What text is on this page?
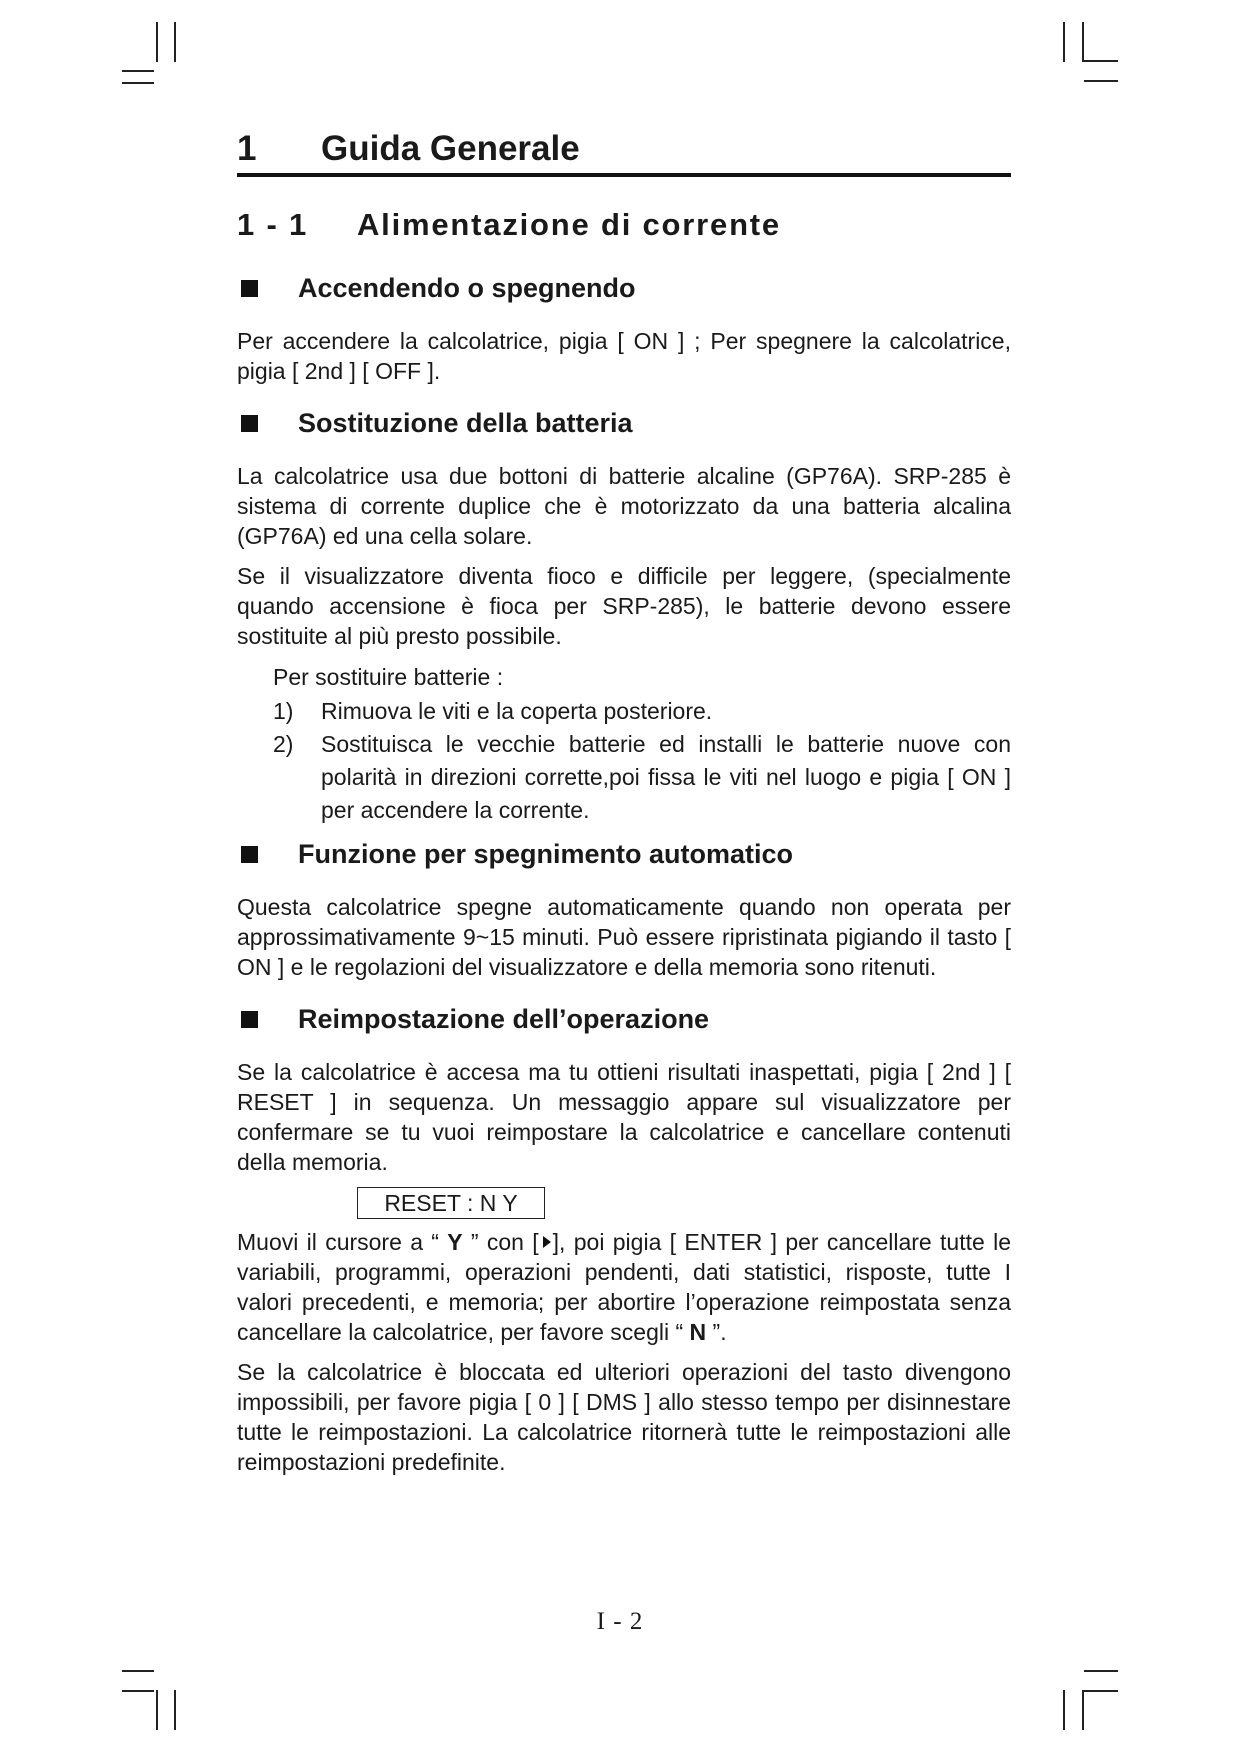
1	Guida Generale
1 - 1	Alimentazione di corrente
Accendendo o spegnendo

Per accendere la calcolatrice, pigia [ ON ] ; Per spegnere la calcolatrice, pigia [ 2nd ] [ OFF ].

Sostituzione della batteria

La calcolatrice usa due bottoni di batterie alcaline (GP76A). SRP-285 è sistema di corrente duplice che è motorizzato da una batteria alcalina (GP76A) ed una cella solare.

Se il visualizzatore diventa fioco e difficile per leggere, (specialmente quando accensione è fioca per SRP-285), le batterie devono essere sostituite al più presto possibile.

Per sostituire batterie :
1)	Rimuova le viti e la coperta posteriore.
2)	Sostituisca le vecchie batterie ed installi le batterie nuove con polarità in direzioni corrette,poi fissa le viti nel luogo e pigia [ ON ] per accendere la corrente.
Funzione per spegnimento automatico

Questa calcolatrice spegne automaticamente quando non operata per approssimativamente 9~15 minuti. Può essere ripristinata pigiando il tasto [ ON ] e le regolazioni del visualizzatore e della memoria sono ritenuti.

Reimpostazione dell’operazione

Se la calcolatrice è accesa ma tu ottieni risultati inaspettati, pigia [ 2nd ] [ RESET ] in sequenza. Un messaggio appare sul visualizzatore per confermare se tu vuoi reimpostare la calcolatrice e cancellare contenuti della memoria.

RESET : N Y

Muovi il cursore a “ Y ” con [ ], poi pigia [ ENTER ] per cancellare tutte le variabili, programmi, operazioni pendenti, dati statistici, risposte, tutte I valori precedenti, e memoria; per abortire l’operazione reimpostata senza cancellare la calcolatrice, per favore scegli “ N ”.

Se la calcolatrice è bloccata ed ulteriori operazioni del tasto divengono impossibili, per favore pigia [ 0 ] [ DMS ] allo stesso tempo per disinnestare tutte le reimpostazioni. La calcolatrice ritornerà tutte le reimpostazioni alle reimpostazioni predefinite.

I - 2
